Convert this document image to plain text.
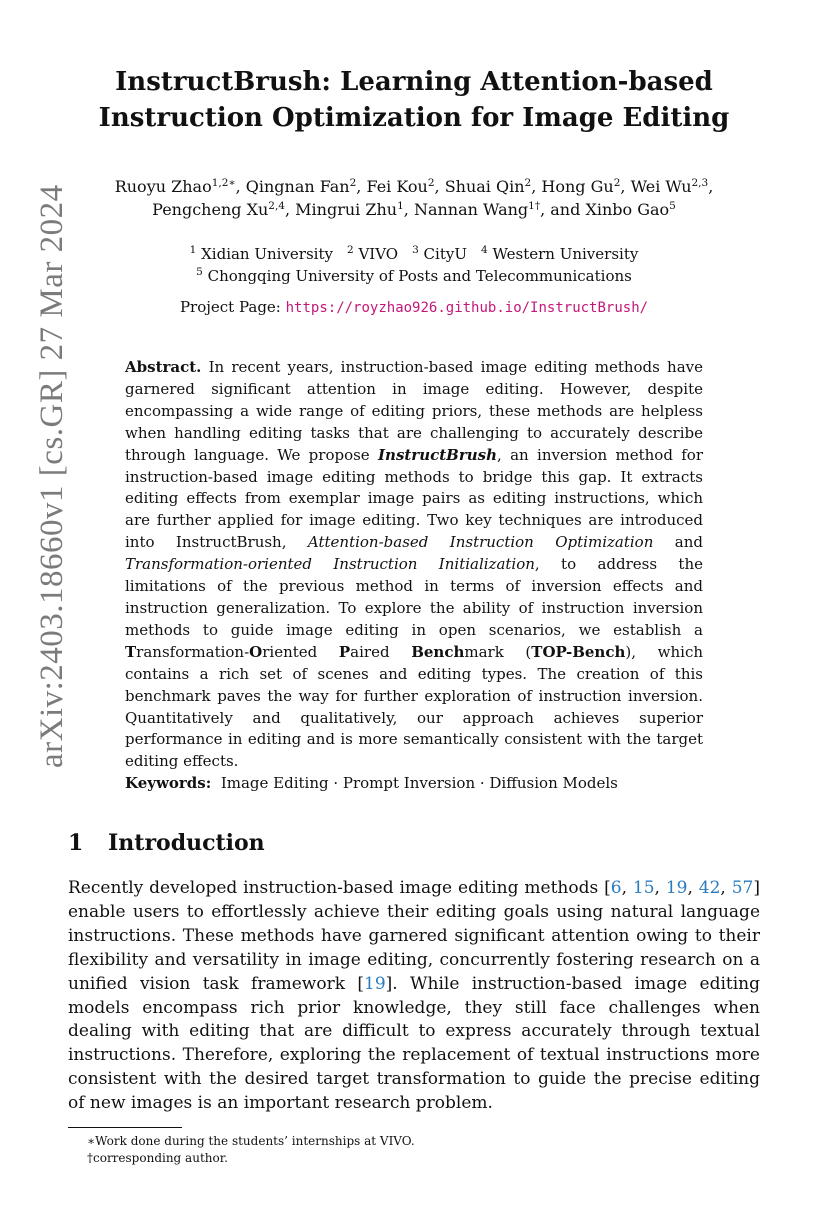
arXiv:2403.18660v1 [cs.GR] 27 Mar 2024
InstructBrush: Learning Attention-based
Instruction Optimization for Image Editing
Ruoyu Zhao$^{1,2∗}$, Qingnan Fan$^2$, Fei Kou$^2$, Shuai Qin$^2$, Hong Gu$^2$, Wei Wu$^{2,3}$,
Pengcheng Xu$^{2,4}$, Mingrui Zhu$^1$, Nannan Wang$^{1\dagger}$, and Xinbo Gao$^5$
$^1$ Xidian University $^2$ VIVO $^3$ CityU $^4$ Western University
$^5$ Chongqing University of Posts and Telecommunications
Project Page: https://royzhao926.github.io/InstructBrush/
Abstract. In recent years, instruction-based image editing methods have garnered significant attention in image editing. However, despite encompassing a wide range of editing priors, these methods are helpless when handling editing tasks that are challenging to accurately describe through language. We propose InstructBrush, an inversion method for instruction-based image editing methods to bridge this gap. It extracts editing effects from exemplar image pairs as editing instructions, which are further applied for image editing. Two key techniques are introduced into InstructBrush, Attention-based Instruction Optimization and Transformation-oriented Instruction Initialization, to address the limitations of the previous method in terms of inversion effects and instruction generalization. To explore the ability of instruction inversion methods to guide image editing in open scenarios, we establish a Transformation-Oriented Paired Benchmark (TOP-Bench), which contains a rich set of scenes and editing types. The creation of this benchmark paves the way for further exploration of instruction inversion. Quantitatively and qualitatively, our approach achieves superior performance in editing and is more semantically consistent with the target editing effects.
Keywords: Image Editing · Prompt Inversion · Diffusion Models
1 Introduction
Recently developed instruction-based image editing methods [6, 15, 19, 42, 57] enable users to effortlessly achieve their editing goals using natural language instructions. These methods have garnered significant attention owing to their flexibility and versatility in image editing, concurrently fostering research on a unified vision task framework [19]. While instruction-based image editing models encompass rich prior knowledge, they still face challenges when dealing with editing that are difficult to express accurately through textual instructions. Therefore, exploring the replacement of textual instructions more consistent with the desired target transformation to guide the precise editing of new images is an important research problem.
∗Work done during the students’ internships at VIVO.
†corresponding author.
